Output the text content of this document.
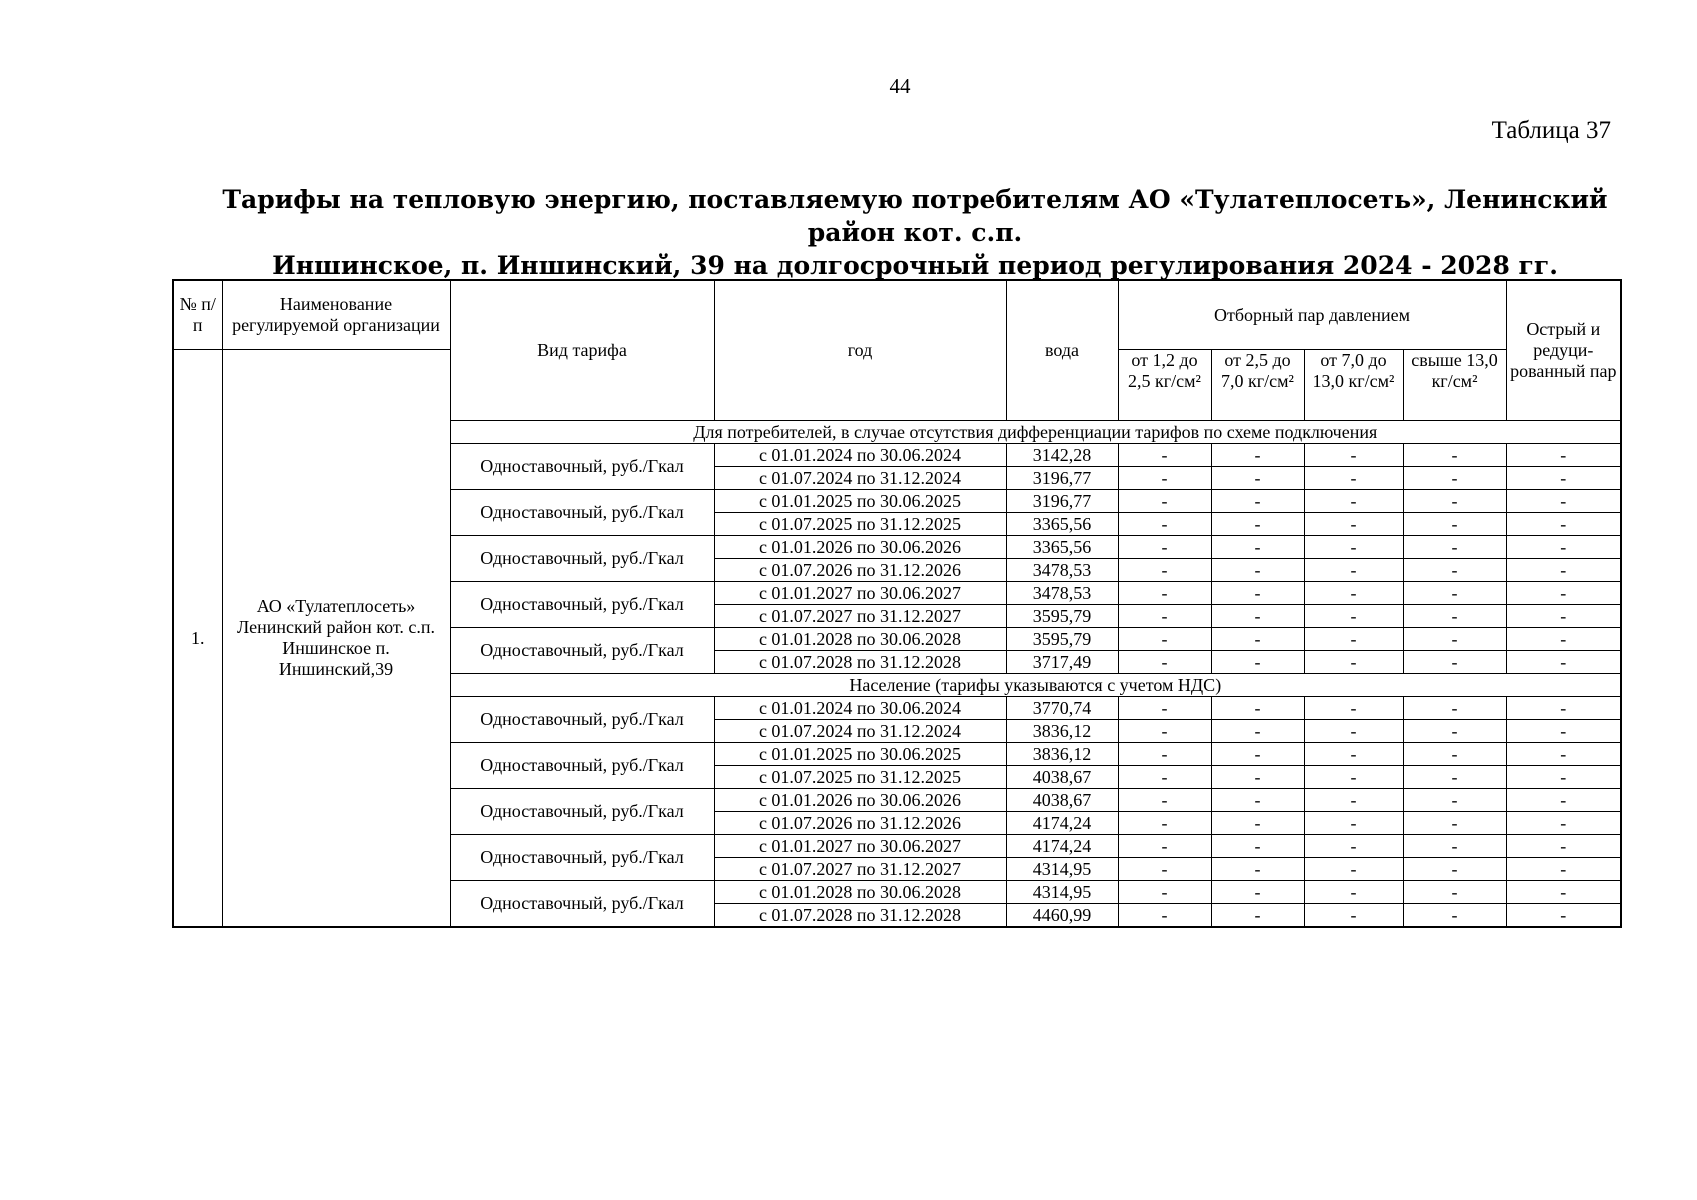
44
Таблица 37
Тарифы на тепловую энергию, поставляемую потребителям АО «Тулатеплосеть», Ленинский район кот. с.п.
Иншинское, п. Иншинский, 39 на долгосрочный период регулирования 2024 - 2028 гг.
№ п/п	Наименование регулируемой организации	Вид тарифа	год	вода	Отборный пар давлением				Острый и редуци-рованный пар
1.	АО «Тулатеплосеть» Ленинский район кот. с.п. Иншинское п. Иншинский,39				от 1,2 до 2,5 кг/см²	от 2,5 до 7,0 кг/см²	от 7,0 до 13,0 кг/см²	свыше 13,0 кг/см²	
		Для потребителей, в случае отсутствия дифференциации тарифов по схеме подключения							
		Одноставочный, руб./Гкал	с 01.01.2024 по 30.06.2024	3142,28	-	-	-	-	-
			с 01.07.2024 по 31.12.2024	3196,77	-	-	-	-	-
		Одноставочный, руб./Гкал	с 01.01.2025 по 30.06.2025	3196,77	-	-	-	-	-
			с 01.07.2025 по 31.12.2025	3365,56	-	-	-	-	-
		Одноставочный, руб./Гкал	с 01.01.2026 по 30.06.2026	3365,56	-	-	-	-	-
			с 01.07.2026 по 31.12.2026	3478,53	-	-	-	-	-
		Одноставочный, руб./Гкал	с 01.01.2027 по 30.06.2027	3478,53	-	-	-	-	-
			с 01.07.2027 по 31.12.2027	3595,79	-	-	-	-	-
		Одноставочный, руб./Гкал	с 01.01.2028 по 30.06.2028	3595,79	-	-	-	-	-
			с 01.07.2028 по 31.12.2028	3717,49	-	-	-	-	-
		Население (тарифы указываются с учетом НДС)							
		Одноставочный, руб./Гкал	с 01.01.2024 по 30.06.2024	3770,74	-	-	-	-	-
			с 01.07.2024 по 31.12.2024	3836,12	-	-	-	-	-
		Одноставочный, руб./Гкал	с 01.01.2025 по 30.06.2025	3836,12	-	-	-	-	-
			с 01.07.2025 по 31.12.2025	4038,67	-	-	-	-	-
		Одноставочный, руб./Гкал	с 01.01.2026 по 30.06.2026	4038,67	-	-	-	-	-
			с 01.07.2026 по 31.12.2026	4174,24	-	-	-	-	-
		Одноставочный, руб./Гкал	с 01.01.2027 по 30.06.2027	4174,24	-	-	-	-	-
			с 01.07.2027 по 31.12.2027	4314,95	-	-	-	-	-
		Одноставочный, руб./Гкал	с 01.01.2028 по 30.06.2028	4314,95	-	-	-	-	-
			с 01.07.2028 по 31.12.2028	4460,99	-	-	-	-	-
